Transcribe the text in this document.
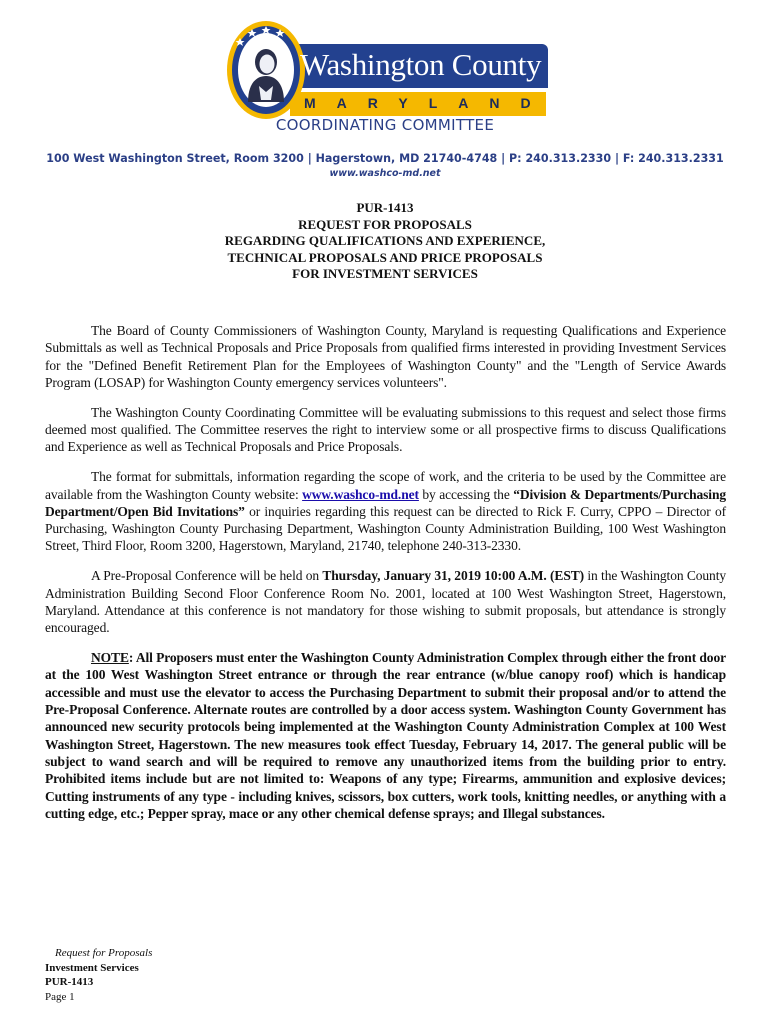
Washington County
MARYLAND
COORDINATING COMMITTEE
100 West Washington Street, Room 3200 | Hagerstown, MD 21740-4748 | P: 240.313.2330 | F: 240.313.2331
www.washco-md.net
PUR-1413
REQUEST FOR PROPOSALS
REGARDING QUALIFICATIONS AND EXPERIENCE,
TECHNICAL PROPOSALS AND PRICE PROPOSALS
FOR INVESTMENT SERVICES

The Board of County Commissioners of Washington County, Maryland is requesting Qualifications and Experience Submittals as well as Technical Proposals and Price Proposals from qualified firms interested in providing Investment Services for the "Defined Benefit Retirement Plan for the Employees of Washington County" and the "Length of Service Awards Program (LOSAP) for Washington County emergency services volunteers".

The Washington County Coordinating Committee will be evaluating submissions to this request and select those firms deemed most qualified. The Committee reserves the right to interview some or all prospective firms to discuss Qualifications and Experience as well as Technical Proposals and Price Proposals.

The format for submittals, information regarding the scope of work, and the criteria to be used by the Committee are available from the Washington County website: www.washco-md.net by accessing the “Division & Departments/Purchasing Department/Open Bid Invitations” or inquiries regarding this request can be directed to Rick F. Curry, CPPO – Director of Purchasing, Washington County Purchasing Department, Washington County Administration Building, 100 West Washington Street, Third Floor, Room 3200, Hagerstown, Maryland, 21740, telephone 240-313-2330.

A Pre-Proposal Conference will be held on Thursday, January 31, 2019 10:00 A.M. (EST) in the Washington County Administration Building Second Floor Conference Room No. 2001, located at 100 West Washington Street, Hagerstown, Maryland. Attendance at this conference is not mandatory for those wishing to submit proposals, but attendance is strongly encouraged.

NOTE: All Proposers must enter the Washington County Administration Complex through either the front door at the 100 West Washington Street entrance or through the rear entrance (w/blue canopy roof) which is handicap accessible and must use the elevator to access the Purchasing Department to submit their proposal and/or to attend the Pre-Proposal Conference. Alternate routes are controlled by a door access system. Washington County Government has announced new security protocols being implemented at the Washington County Administration Complex at 100 West Washington Street, Hagerstown. The new measures took effect Tuesday, February 14, 2017. The general public will be subject to wand search and will be required to remove any unauthorized items from the building prior to entry. Prohibited items include but are not limited to: Weapons of any type; Firearms, ammunition and explosive devices; Cutting instruments of any type - including knives, scissors, box cutters, work tools, knitting needles, or anything with a cutting edge, etc.; Pepper spray, mace or any other chemical defense sprays; and Illegal substances.

Request for Proposals
Investment Services
PUR-1413
Page 1
